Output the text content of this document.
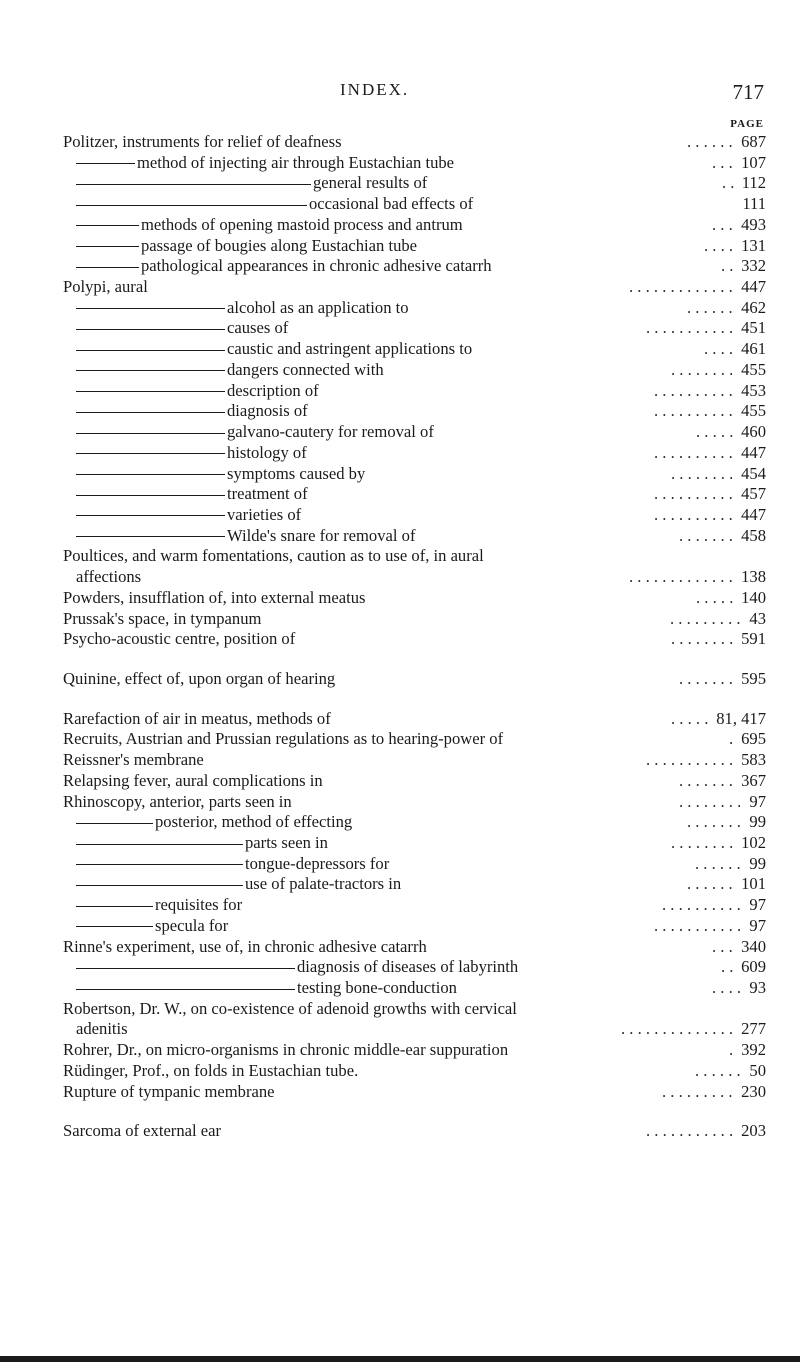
INDEX.	717
PAGE
Politzer, instruments for relief of deafness	. . . . . . 687
method of injecting air through Eustachian tube	. . . 107
general results of	. . 112
occasional bad effects of	111
methods of opening mastoid process and antrum	. . . 493
passage of bougies along Eustachian tube	. . . . 131
pathological appearances in chronic adhesive catarrh	. . 332
Polypi, aural	. . . . . . . . . . . . . 447
alcohol as an application to	. . . . . . 462
causes of	. . . . . . . . . . . 451
caustic and astringent applications to	. . . . 461
dangers connected with	. . . . . . . . 455
description of	. . . . . . . . . . 453
diagnosis of	. . . . . . . . . . 455
galvano-cautery for removal of	. . . . . 460
histology of	. . . . . . . . . . 447
symptoms caused by	. . . . . . . . 454
treatment of	. . . . . . . . . . 457
varieties of	. . . . . . . . . . 447
Wilde's snare for removal of	. . . . . . . 458
Poultices, and warm fomentations, caution as to use of, in aural
affections	. . . . . . . . . . . . . 138
Powders, insufflation of, into external meatus	. . . . . 140
Prussak's space, in tympanum	. . . . . . . . . 43
Psycho-acoustic centre, position of	. . . . . . . . 591
Quinine, effect of, upon organ of hearing	. . . . . . . 595
Rarefaction of air in meatus, methods of	. . . . . 81, 417
Recruits, Austrian and Prussian regulations as to hearing-power of	. 695
Reissner's membrane	. . . . . . . . . . . 583
Relapsing fever, aural complications in	. . . . . . . 367
Rhinoscopy, anterior, parts seen in	. . . . . . . . 97
posterior, method of effecting	. . . . . . . 99
parts seen in	. . . . . . . . 102
tongue-depressors for	. . . . . . 99
use of palate-tractors in	. . . . . . 101
requisites for	. . . . . . . . . . 97
specula for	. . . . . . . . . . . 97
Rinne's experiment, use of, in chronic adhesive catarrh	. . . 340
diagnosis of diseases of labyrinth	. . 609
testing bone-conduction	. . . . 93
Robertson, Dr. W., on co-existence of adenoid growths with cervical
adenitis	. . . . . . . . . . . . . . 277
Rohrer, Dr., on micro-organisms in chronic middle-ear suppuration	. 392
Rüdinger, Prof., on folds in Eustachian tube.	. . . . . . 50
Rupture of tympanic membrane	. . . . . . . . . 230
Sarcoma of external ear	. . . . . . . . . . . 203
